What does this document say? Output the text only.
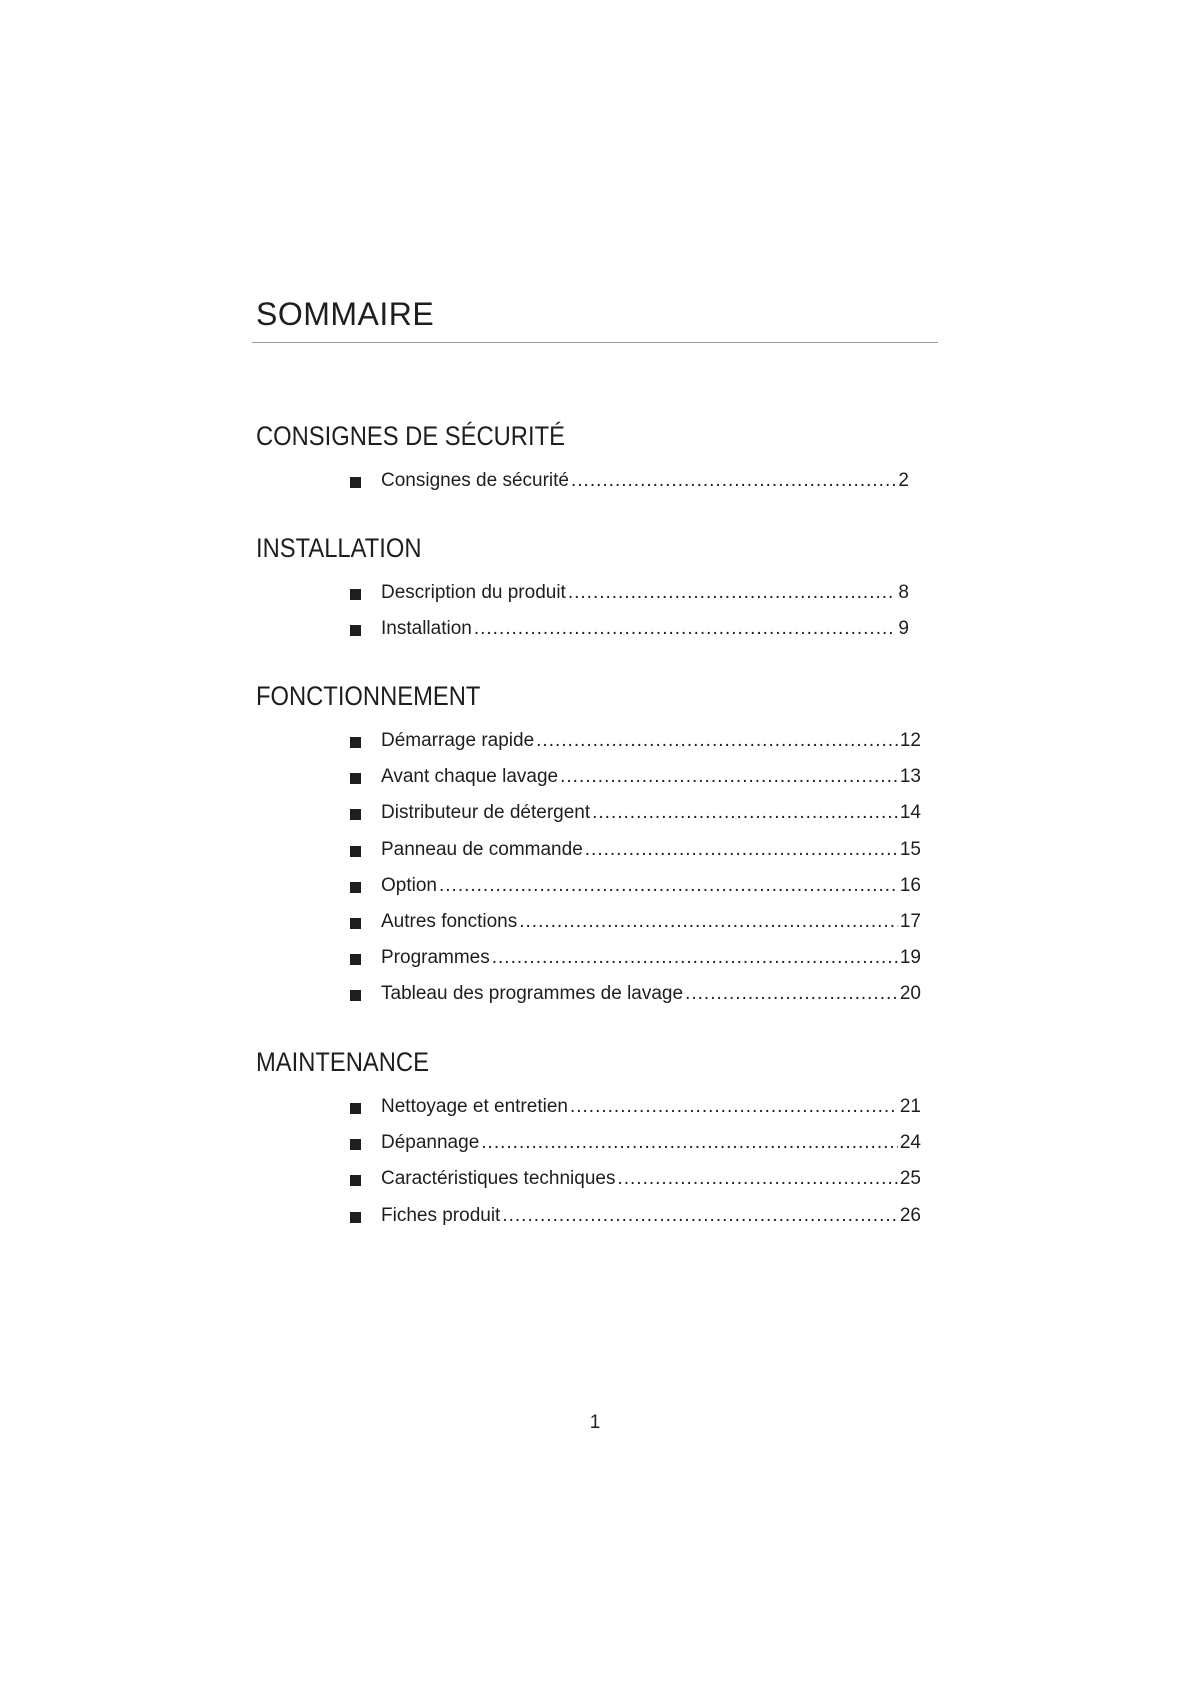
SOMMAIRE
CONSIGNES DE SÉCURITÉ
Consignes de sécurité .....	2
INSTALLATION
Description du produit .....	8
Installation .....	9
FONCTIONNEMENT
Démarrage rapide .....	12
Avant chaque lavage .....	13
Distributeur de détergent .....	14
Panneau de commande .....	15
Option .....	16
Autres fonctions .....	17
Programmes .....	19
Tableau des programmes de lavage .....	20
MAINTENANCE
Nettoyage et entretien .....	21
Dépannage .....	24
Caractéristiques techniques .....	25
Fiches produit .....	26
1
